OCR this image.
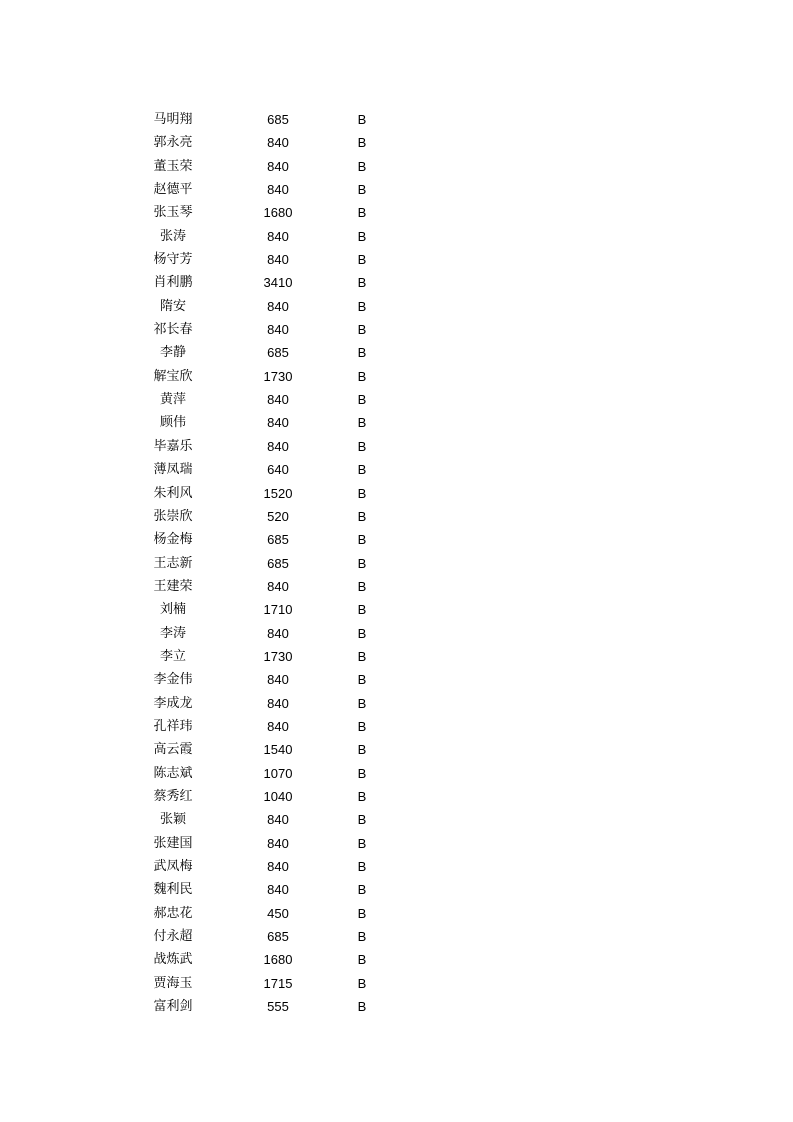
马明翔	685	B
郭永亮	840	B
董玉荣	840	B
赵德平	840	B
张玉琴	1680	B
张涛	840	B
杨守芳	840	B
肖利鹏	3410	B
隋安	840	B
祁长春	840	B
李静	685	B
解宝欣	1730	B
黄萍	840	B
顾伟	840	B
毕嘉乐	840	B
薄凤瑞	640	B
朱利风	1520	B
张崇欣	520	B
杨金梅	685	B
王志新	685	B
王建荣	840	B
刘楠	1710	B
李涛	840	B
李立	1730	B
李金伟	840	B
李成龙	840	B
孔祥玮	840	B
高云霞	1540	B
陈志斌	1070	B
蔡秀红	1040	B
张颖	840	B
张建国	840	B
武凤梅	840	B
魏利民	840	B
郝忠花	450	B
付永超	685	B
战炼武	1680	B
贾海玉	1715	B
富利剑	555	B
